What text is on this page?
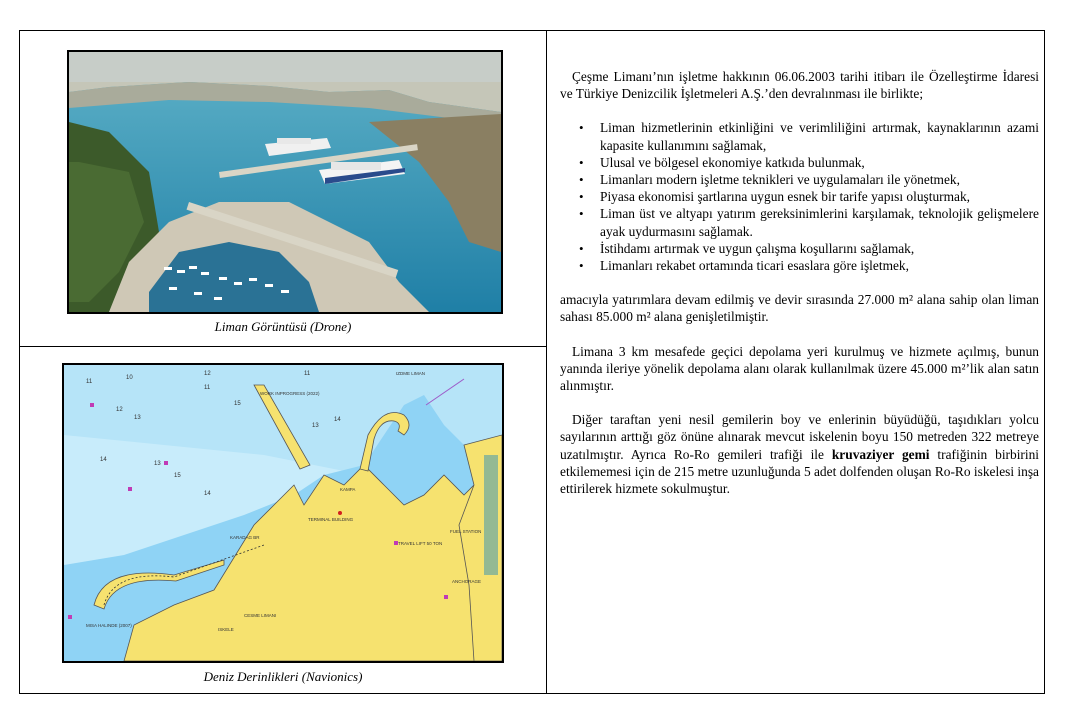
Liman Görüntüsü (Drone)
10
11
12	11
12
13
14
13
11
15
13
14
14
15
WORK INPROGRESS (2022)
IZDME LIMAN
KAMPA
TERMINAL BUILDING
KARADAG BR
FUEL STATION
TRAVEL LIFT 50 TON
ANCHORAGE
CESME LIMANI
ISKELE
MISA HALINDE (2007)
Deniz Derinlikleri (Navionics)

Çeşme Limanı’nın işletme hakkının 06.06.2003 tarihi itibarı ile Özelleştirme İdaresi ve Türkiye Denizcilik İşletmeleri A.Ş.’den devralınması ile birlikte;

• Liman hizmetlerinin etkinliğini ve verimliliğini artırmak, kaynaklarının azami kapasite kullanımını sağlamak,
• Ulusal ve bölgesel ekonomiye katkıda bulunmak,
• Limanları modern işletme teknikleri ve uygulamaları ile yönetmek,
• Piyasa ekonomisi şartlarına uygun esnek bir tarife yapısı oluşturmak,
• Liman üst ve altyapı yatırım gereksinimlerini karşılamak, teknolojik gelişmelere ayak uydurmasını sağlamak.
• İstihdamı artırmak ve uygun çalışma koşullarını sağlamak,
• Limanları rekabet ortamında ticari esaslara göre işletmek,

amacıyla yatırımlara devam edilmiş ve devir sırasında 27.000 m² alana sahip olan liman sahası 85.000 m² alana genişletilmiştir.

Limana 3 km mesafede geçici depolama yeri kurulmuş ve hizmete açılmış, bunun yanında ileriye yönelik depolama alanı olarak kullanılmak üzere 45.000 m²’lik alan satın alınmıştır.

Diğer taraftan yeni nesil gemilerin boy ve enlerinin büyüdüğü, taşıdıkları yolcu sayılarının arttığı göz önüne alınarak mevcut iskelenin boyu 150 metreden 322 metreye uzatılmıştır. Ayrıca Ro-Ro gemileri trafiği ile kruvaziyer gemi trafiğinin birbirini etkilememesi için de 215 metre uzunluğunda 5 adet dolfenden oluşan Ro-Ro iskelesi inşa ettirilerek hizmete sokulmuştur.
